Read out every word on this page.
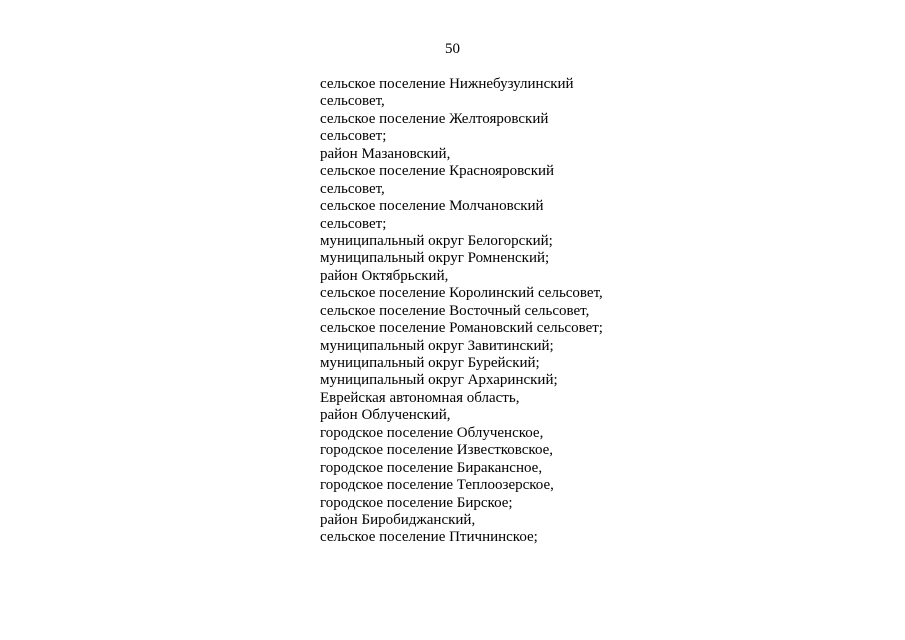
50
сельское поселение Нижнебузулинский
сельсовет,
сельское поселение Желтояровский
сельсовет;
район Мазановский,
сельское поселение Краснояровский
сельсовет,
сельское поселение Молчановский
сельсовет;
муниципальный округ Белогорский;
муниципальный округ Ромненский;
район Октябрьский,
сельское поселение Королинский сельсовет,
сельское поселение Восточный сельсовет,
сельское поселение Романовский сельсовет;
муниципальный округ Завитинский;
муниципальный округ Бурейский;
муниципальный округ Архаринский;
Еврейская автономная область,
район Облученский,
городское поселение Облученское,
городское поселение Известковское,
городское поселение Биракансное,
городское поселение Теплоозерское,
городское поселение Бирское;
район Биробиджанский,
сельское поселение Птичнинское;
